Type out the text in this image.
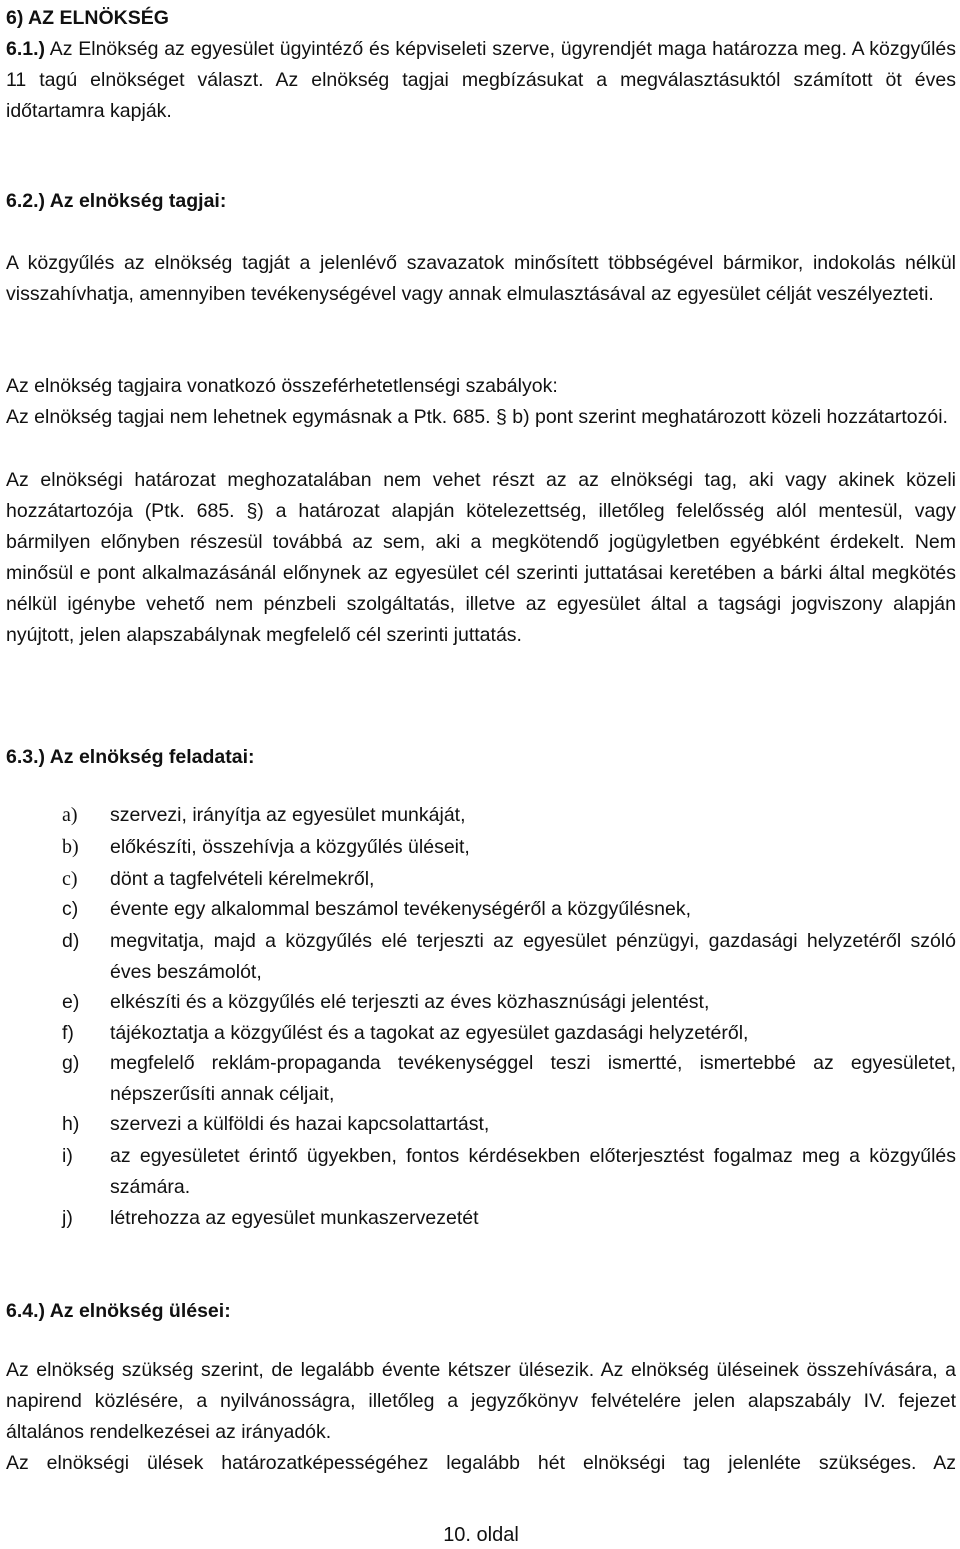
6) AZ ELNÖKSÉG
6.1.) Az Elnökség az egyesület ügyintéző és képviseleti szerve, ügyrendjét maga határozza meg. A közgyűlés 11 tagú elnökséget választ. Az elnökség tagjai megbízásukat a megválasztásuktól számított öt éves időtartamra kapják.
6.2.) Az elnökség tagjai:
A közgyűlés az elnökség tagját a jelenlévő szavazatok minősített többségével bármikor, indokolás nélkül visszahívhatja, amennyiben tevékenységével vagy annak elmulasztásával az egyesület célját veszélyezteti.
Az elnökség tagjaira vonatkozó összeférhetetlenségi szabályok:
Az elnökség tagjai nem lehetnek egymásnak a Ptk. 685. § b) pont szerint meghatározott közeli hozzátartozói.
Az elnökségi határozat meghozatalában nem vehet részt az az elnökségi tag, aki vagy akinek közeli hozzátartozója (Ptk. 685. §) a határozat alapján kötelezettség, illetőleg felelősség alól mentesül, vagy bármilyen előnyben részesül továbbá az sem, aki a megkötendő jogügyletben egyébként érdekelt. Nem minősül e pont alkalmazásánál előnynek az egyesület cél szerinti juttatásai keretében a bárki által megkötés nélkül igénybe vehető nem pénzbeli szolgáltatás, illetve az egyesület által a tagsági jogviszony alapján nyújtott, jelen alapszabálynak megfelelő cél szerinti juttatás.
6.3.) Az elnökség feladatai:
a)	szervezi, irányítja az egyesület munkáját,
b)	előkészíti, összehívja a közgyűlés üléseit,
c)	dönt a tagfelvételi kérelmekről,
c)	évente egy alkalommal beszámol tevékenységéről a közgyűlésnek,
d)	megvitatja, majd a közgyűlés elé terjeszti az egyesület pénzügyi, gazdasági helyzetéről szóló éves beszámolót,
e)	elkészíti és a közgyűlés elé terjeszti az éves közhasznúsági jelentést,
f)	tájékoztatja a közgyűlést és a tagokat az egyesület gazdasági helyzetéről,
g)	megfelelő reklám-propaganda tevékenységgel teszi ismertté, ismertebbé az egyesületet, népszerűsíti annak céljait,
h)	szervezi a külföldi és hazai kapcsolattartást,
i)	az egyesületet érintő ügyekben, fontos kérdésekben előterjesztést fogalmaz meg a közgyűlés számára.
j)	létrehozza az egyesület munkaszervezetét
6.4.) Az elnökség ülései:
Az elnökség szükség szerint, de legalább évente kétszer ülésezik. Az elnökség üléseinek összehívására, a napirend közlésére, a nyilvánosságra, illetőleg a jegyzőkönyv felvételére jelen alapszabály IV. fejezet általános rendelkezései az irányadók.
Az elnökségi ülések határozatképességéhez legalább hét elnökségi tag jelenléte szükséges. Az
10. oldal
